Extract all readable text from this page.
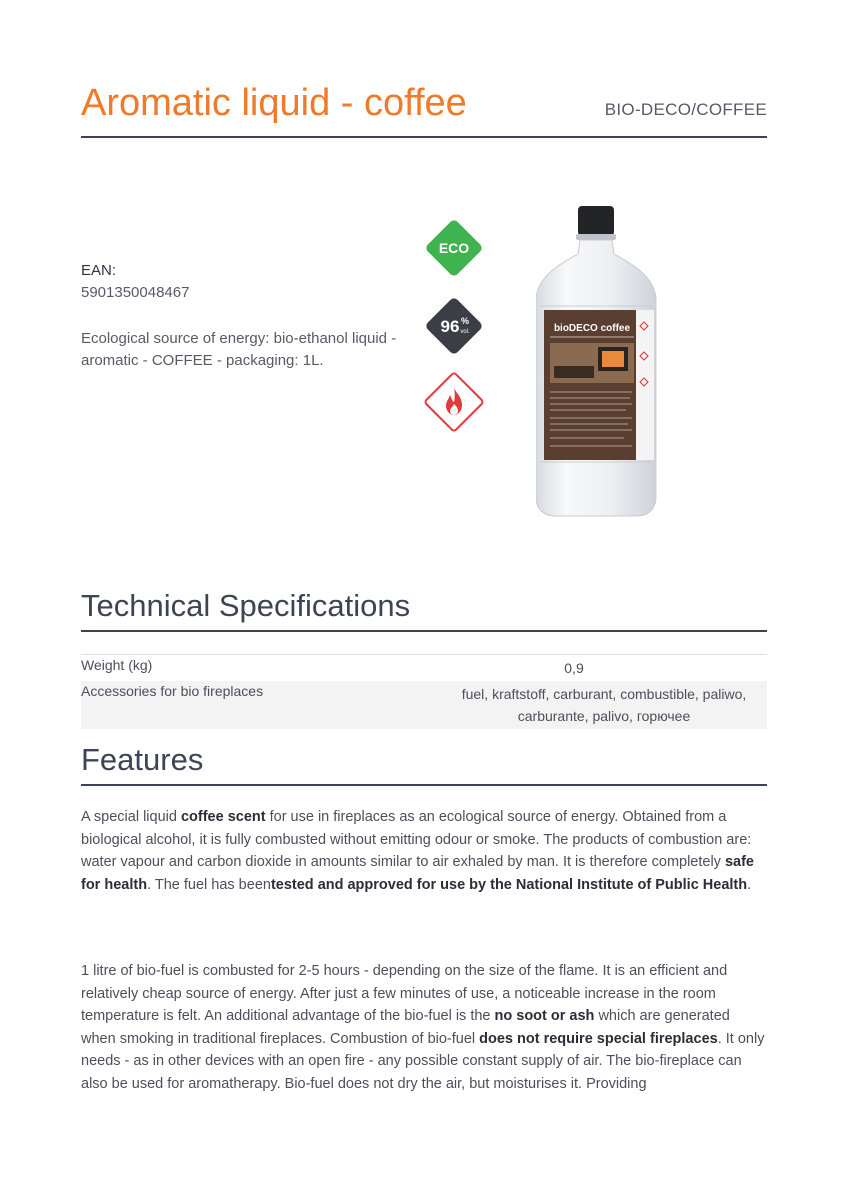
Aromatic liquid - coffee	BIO-DECO/COFFEE
EAN:
5901350048467
Ecological source of energy: bio-ethanol liquid - aromatic - COFFEE - packaging: 1L.
ECO
96 %
vol.	bioDECO coffee
Technical Specifications
Weight (kg)	0,9
Accessories for bio fireplaces	fuel, kraftstoff, carburant, combustible, paliwo, carburante, palivo, горючее
Features
A special liquid coffee scent for use in fireplaces as an ecological source of energy. Obtained from a biological alcohol, it is fully combusted without emitting odour or smoke. The products of combustion are: water vapour and carbon dioxide in amounts similar to air exhaled by man. It is therefore completely safe for health. The fuel has beentested and approved for use by the National Institute of Public Health.
1 litre of bio-fuel is combusted for 2-5 hours - depending on the size of the flame. It is an efficient and relatively cheap source of energy. After just a few minutes of use, a noticeable increase in the room temperature is felt. An additional advantage of the bio-fuel is the no soot or ash which are generated when smoking in traditional fireplaces. Combustion of bio-fuel does not require special fireplaces. It only needs - as in other devices with an open fire - any possible constant supply of air. The bio-fireplace can also be used for aromatherapy. Bio-fuel does not dry the air, but moisturises it. Providing
